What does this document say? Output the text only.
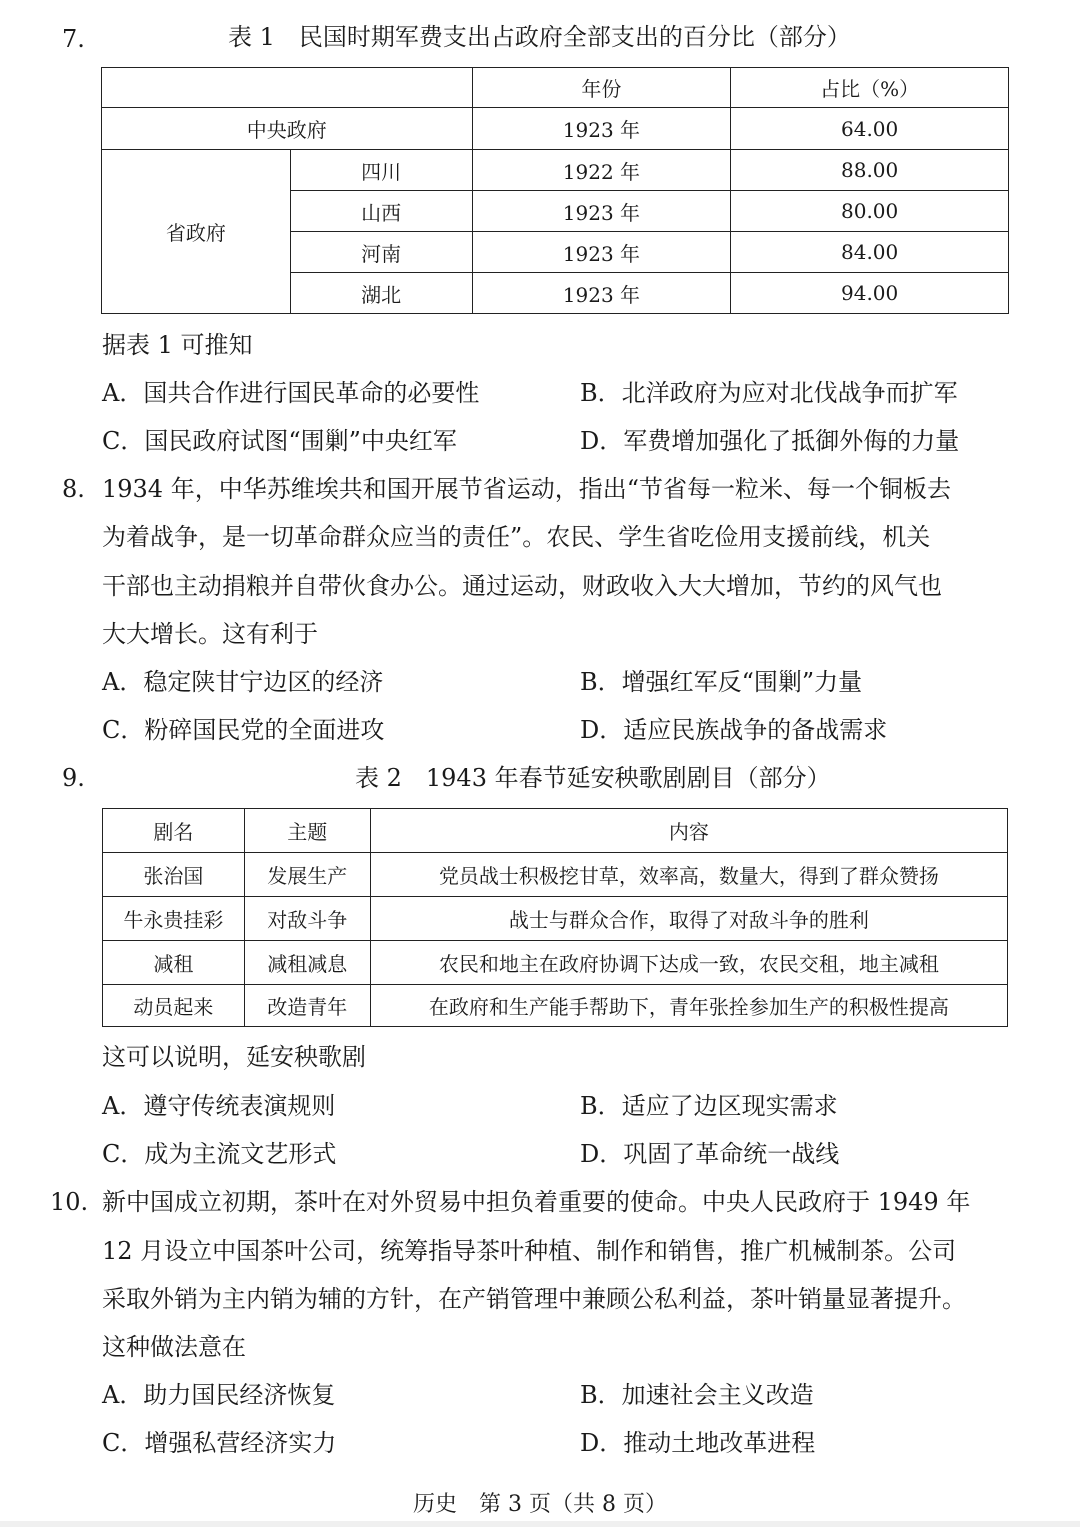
7.	表 1　民国时期军费支出占政府全部支出的百分比（部分）
		年份	占比（%）
中央政府		1923 年	64.00
省政府	四川	1922 年	88.00
	山西	1923 年	80.00
	河南	1923 年	84.00
	湖北	1923 年	94.00
据表 1 可推知
A．国共合作进行国民革命的必要性	B．北洋政府为应对北伐战争而扩军
C．国民政府试图“围剿”中央红军	D．军费增加强化了抵御外侮的力量
8. 1934 年，中华苏维埃共和国开展节省运动，指出“节省每一粒米、每一个铜板去
为着战争，是一切革命群众应当的责任”。农民、学生省吃俭用支援前线，机关
干部也主动捐粮并自带伙食办公。通过运动，财政收入大大增加，节约的风气也
大大增长。这有利于
A．稳定陕甘宁边区的经济	B．增强红军反“围剿”力量
C．粉碎国民党的全面进攻	D．适应民族战争的备战需求
9.	表 2　1943 年春节延安秧歌剧剧目（部分）
剧名	主题	内容
张治国	发展生产	党员战士积极挖甘草，效率高，数量大，得到了群众赞扬
牛永贵挂彩	对敌斗争	战士与群众合作，取得了对敌斗争的胜利
减租	减租减息	农民和地主在政府协调下达成一致，农民交租，地主减租
动员起来	改造青年	在政府和生产能手帮助下，青年张拴参加生产的积极性提高
这可以说明，延安秧歌剧
A．遵守传统表演规则	B．适应了边区现实需求
C．成为主流文艺形式	D．巩固了革命统一战线
10. 新中国成立初期，茶叶在对外贸易中担负着重要的使命。中央人民政府于 1949 年
12 月设立中国茶叶公司，统筹指导茶叶种植、制作和销售，推广机械制茶。公司
采取外销为主内销为辅的方针，在产销管理中兼顾公私利益，茶叶销量显著提升。
这种做法意在
A．助力国民经济恢复	B．加速社会主义改造
C．增强私营经济实力	D．推动土地改革进程
历史　第 3 页（共 8 页）
